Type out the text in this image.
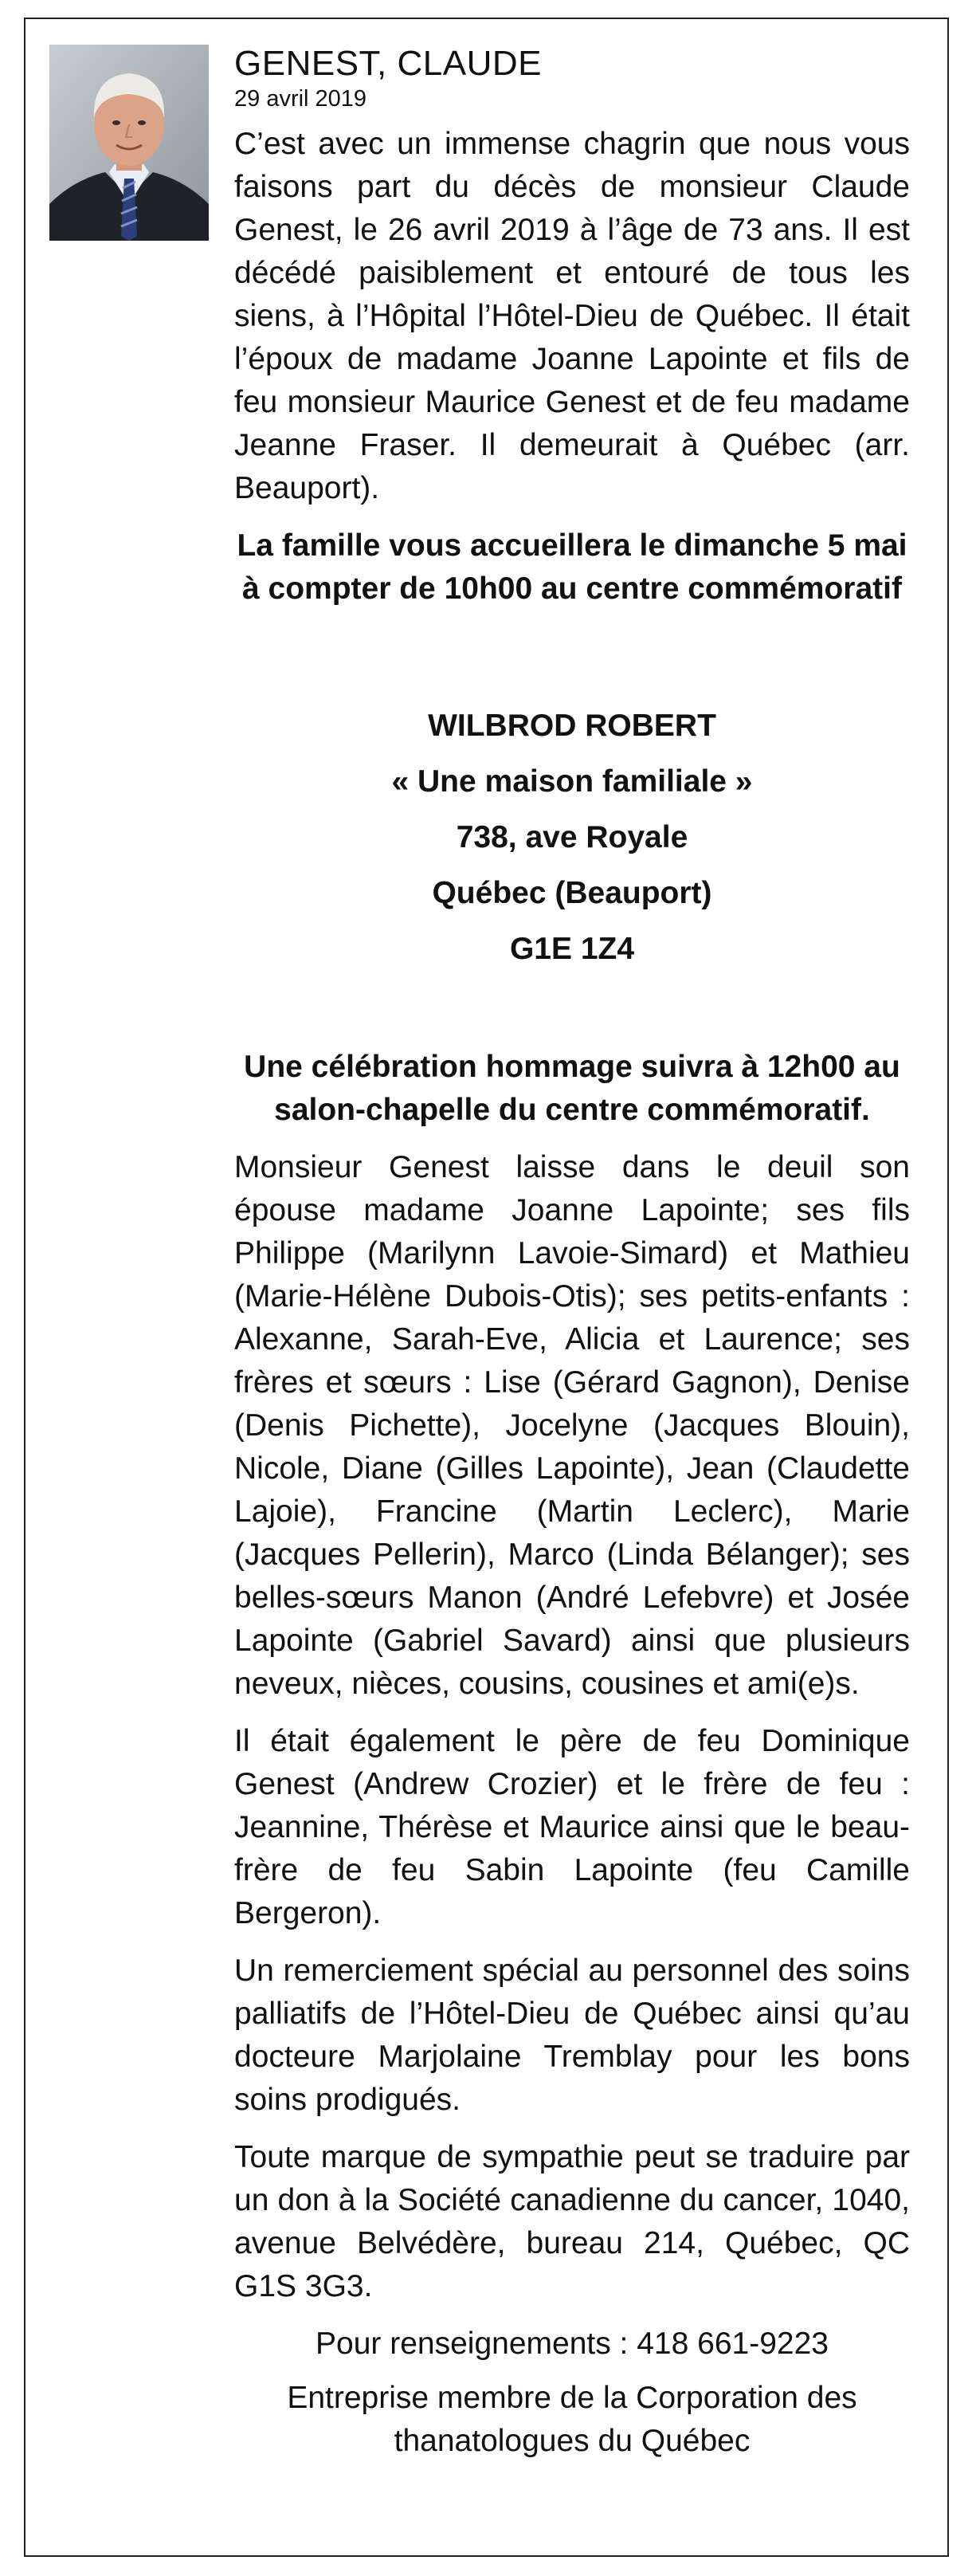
GENEST, CLAUDE

29 avril 2019

C’est avec un immense chagrin que nous vous faisons part du décès de monsieur Claude Genest, le 26 avril 2019 à l’âge de 73 ans. Il est décédé paisiblement et entouré de tous les siens, à l’Hôpital l’Hôtel-Dieu de Québec. Il était l’époux de madame Joanne Lapointe et fils de feu monsieur Maurice Genest et de feu madame Jeanne Fraser. Il demeurait à Québec (arr. Beauport).

La famille vous accueillera le dimanche 5 mai

à compter de 10h00 au centre commémoratif

WILBROD ROBERT

« Une maison familiale »

738, ave Royale

Québec (Beauport)

G1E 1Z4

Une célébration hommage suivra à 12h00 au

salon-chapelle du centre commémoratif.

Monsieur Genest laisse dans le deuil son épouse madame Joanne Lapointe; ses fils Philippe (Marilynn Lavoie-Simard) et Mathieu (Marie-Hélène Dubois-Otis); ses petits-enfants : Alexanne, Sarah-Eve, Alicia et Laurence; ses frères et sœurs : Lise (Gérard Gagnon), Denise (Denis Pichette), Jocelyne (Jacques Blouin), Nicole, Diane (Gilles Lapointe), Jean (Claudette Lajoie), Francine (Martin Leclerc), Marie (Jacques Pellerin), Marco (Linda Bélanger); ses belles-sœurs Manon (André Lefebvre) et Josée Lapointe (Gabriel Savard) ainsi que plusieurs neveux, nièces, cousins, cousines et ami(e)s.

Il était également le père de feu Dominique Genest (Andrew Crozier) et le frère de feu : Jeannine, Thérèse et Maurice ainsi que le beau-frère de feu Sabin Lapointe (feu Camille Bergeron).

Un remerciement spécial au personnel des soins palliatifs de l’Hôtel-Dieu de Québec ainsi qu’au docteure Marjolaine Tremblay pour les bons soins prodigués.

Toute marque de sympathie peut se traduire par un don à la Société canadienne du cancer, 1040, avenue Belvédère, bureau 214, Québec, QC G1S 3G3.

Pour renseignements : 418 661-9223

Entreprise membre de la Corporation des

thanatologues du Québec
